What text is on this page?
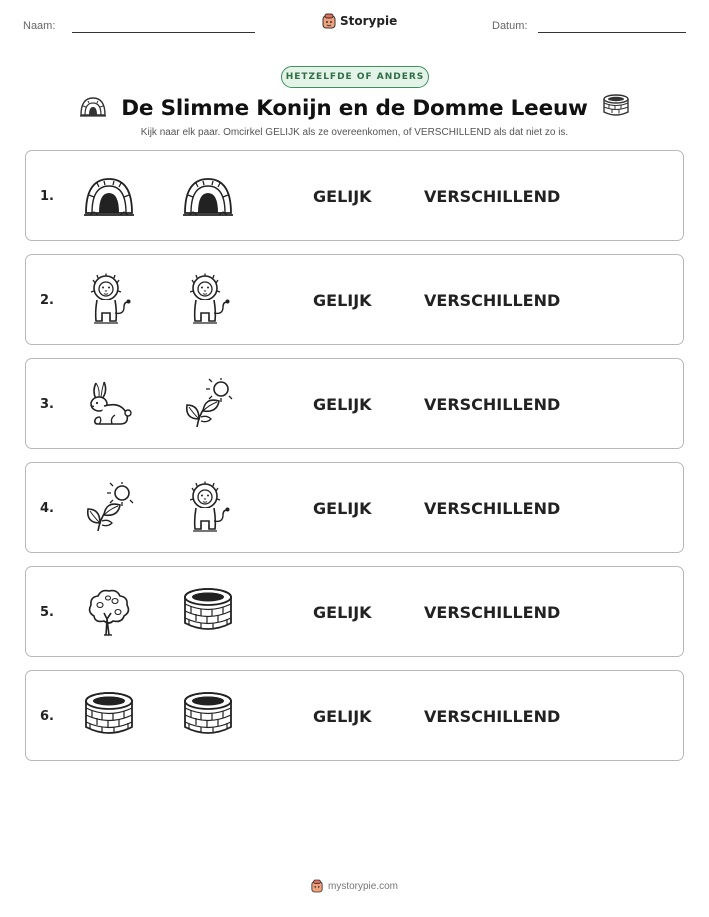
Naam:	Storypie	Datum:
HETZELFDE OF ANDERS
De Slimme Konijn en de Domme Leeuw
Kijk naar elk paar. Omcirkel GELIJK als ze overeenkomen, of VERSCHILLEND als dat niet zo is.
1.	GELIJK	VERSCHILLEND
2.	GELIJK	VERSCHILLEND
3.	GELIJK	VERSCHILLEND
4.	GELIJK	VERSCHILLEND
5.	GELIJK	VERSCHILLEND
6.	GELIJK	VERSCHILLEND
mystorypie.com
